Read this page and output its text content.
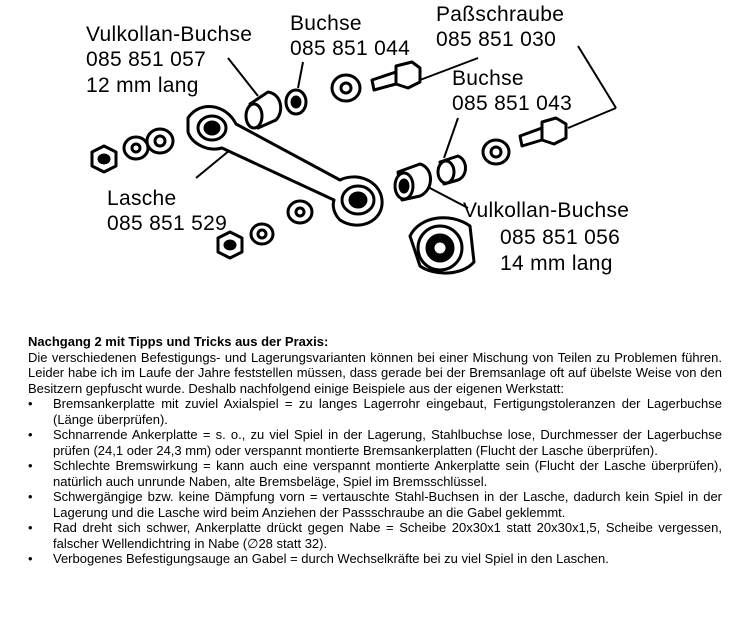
Vulkollan-Buchse
085 851 057
12 mm lang
Buchse
085 851 044
Paßschraube
085 851 030
Buchse
085 851 043
Lasche
085 851 529
Vulkollan-Buchse
085 851 056
14 mm lang
Nachgang 2 mit Tipps und Tricks aus der Praxis:

Die verschiedenen Befestigungs- und Lagerungsvarianten können bei einer Mischung von Teilen zu Problemen führen. Leider habe ich im Laufe der Jahre feststellen müssen, dass gerade bei der Bremsanlage oft auf übelste Weise von den Besitzern gepfuscht wurde. Deshalb nachfolgend einige Beispiele aus der eigenen Werkstatt:

• Bremsankerplatte mit zuviel Axialspiel = zu langes Lagerrohr eingebaut, Fertigungstoleranzen der Lagerbuchse (Länge überprüfen).
• Schnarrende Ankerplatte = s. o., zu viel Spiel in der Lagerung, Stahlbuchse lose, Durchmesser der Lagerbuchse prüfen (24,1 oder 24,3 mm) oder verspannt montierte Bremsankerplatten (Flucht der Lasche überprüfen).
• Schlechte Bremswirkung = kann auch eine verspannt montierte Ankerplatte sein (Flucht der Lasche überprüfen), natürlich auch unrunde Naben, alte Bremsbeläge, Spiel im Bremsschlüssel.
• Schwergängige bzw. keine Dämpfung vorn = vertauschte Stahl-Buchsen in der Lasche, dadurch kein Spiel in der Lagerung und die Lasche wird beim Anziehen der Passschraube an die Gabel geklemmt.
• Rad dreht sich schwer, Ankerplatte drückt gegen Nabe = Scheibe 20x30x1 statt 20x30x1,5, Scheibe vergessen, falscher Wellendichtring in Nabe (∅28 statt 32).
• Verbogenes Befestigungsauge an Gabel = durch Wechselkräfte bei zu viel Spiel in den Laschen.
